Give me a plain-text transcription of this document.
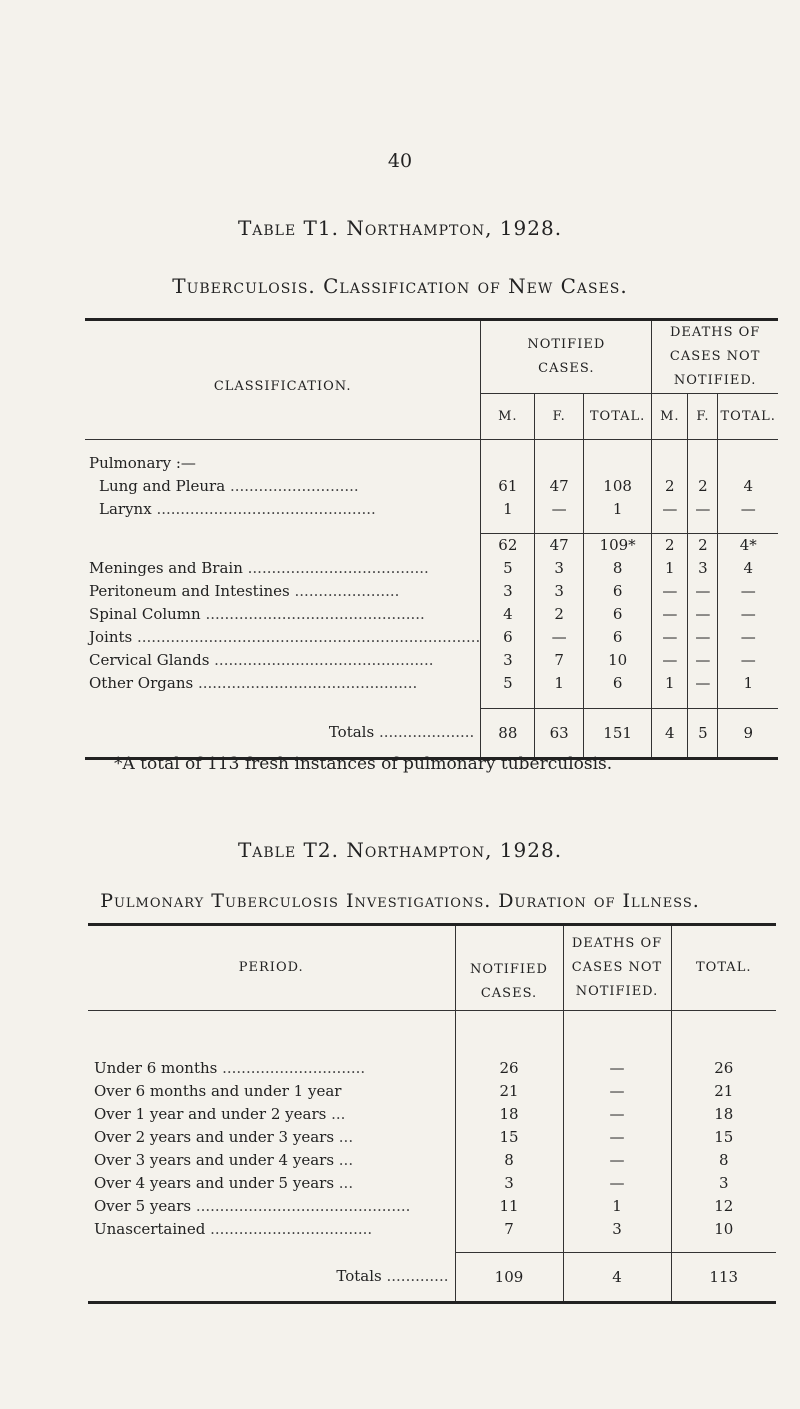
40
Table T1. Northampton, 1928.
Tuberculosis. Classification of New Cases.
CLASSIFICATION.	NOTIFIED CASES.			DEATHS OF CASES NOT NOTIFIED.		
	M.	F.	TOTAL.	M.	F.	TOTAL.

Pulmonary :—						

Lung and Pleura ...........................	61	47	108	2	2	4

Larynx ..............................................	1	—	1	—	—	—

	62	47	109*	2	2	4*

Meninges and Brain ......................................	5	3	8	1	3	4

Peritoneum and Intestines ......................	3	3	6	—	—	—

Spinal Column ..............................................	4	2	6	—	—	—

Joints ........................................................................	6	—	6	—	—	—

Cervical Glands ..............................................	3	7	10	—	—	—

Other Organs ..............................................	5	1	6	1	—	1

Totals ....................	88	63	151	4	5	9
*A total of 113 fresh instances of pulmonary tuberculosis.
Table T2. Northampton, 1928.
Pulmonary Tuberculosis Investigations. Duration of Illness.
PERIOD.	NOTIFIED CASES.	DEATHS OF CASES NOT NOTIFIED.	TOTAL.

Under 6 months ..............................	26	—	26

Over 6 months and under 1 year	21	—	21

Over 1 year and under 2 years ...	18	—	18

Over 2 years and under 3 years ...	15	—	15

Over 3 years and under 4 years ...	8	—	8

Over 4 years and under 5 years ...	3	—	3

Over 5 years .............................................	11	1	12

Unascertained ..................................	7	3	10

Totals .............	109	4	113
